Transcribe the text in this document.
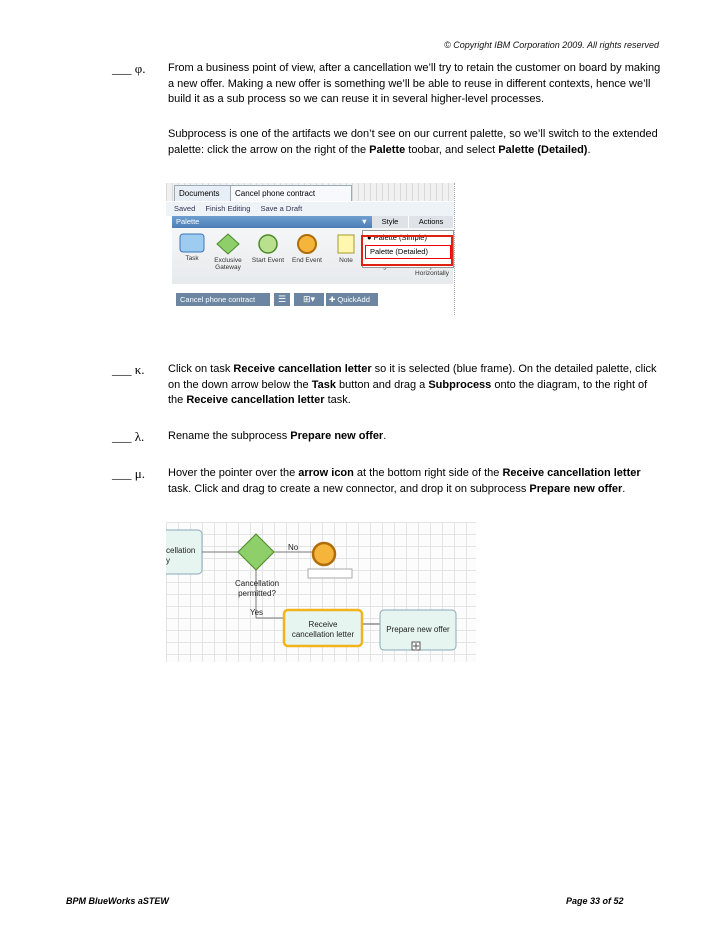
© Copyright IBM Corporation 2009. All rights reserved
___ φ. From a business point of view, after a cancellation we’ll try to retain the customer on board by making a new offer. Making a new offer is something we’ll be able to reuse in different contexts, hence we’ll build it as a sub process so we can reuse it in several higher-level processes.
Subprocess is one of the artifacts we don’t see on our current palette, so we’ll switch to the extended palette: click the arrow on the right of the Palette toobar, and select Palette (Detailed).
Documents	Cancel phone contract
Saved Finish Editing Save a Draft
Palette	▼	Style	Actions
Task	Exclusive Gateway
Start Event	End Event	Note
Horizontally
● Palette (Simple)
Palette (Detailed)
Cancel phone contract	☰	⊞▾	✚ QuickAdd
___ κ. Click on task Receive cancellation letter so it is selected (blue frame). On the detailed palette, click on the down arrow below the Task button and drag a Subprocess onto the diagram, to the right of the Receive cancellation letter task.
___ λ. Rename the subprocess Prepare new offer.
___ μ. Hover the pointer over the arrow icon at the bottom right side of the Receive cancellation letter task. Click and drag to create a new connector, and drop it on subprocess Prepare new offer.
cellation
y
No
Cancellation
permitted?
Yes
Receive
cancellation letter
Prepare new offer
BPM BlueWorks aSTEW	Page 33 of 52
